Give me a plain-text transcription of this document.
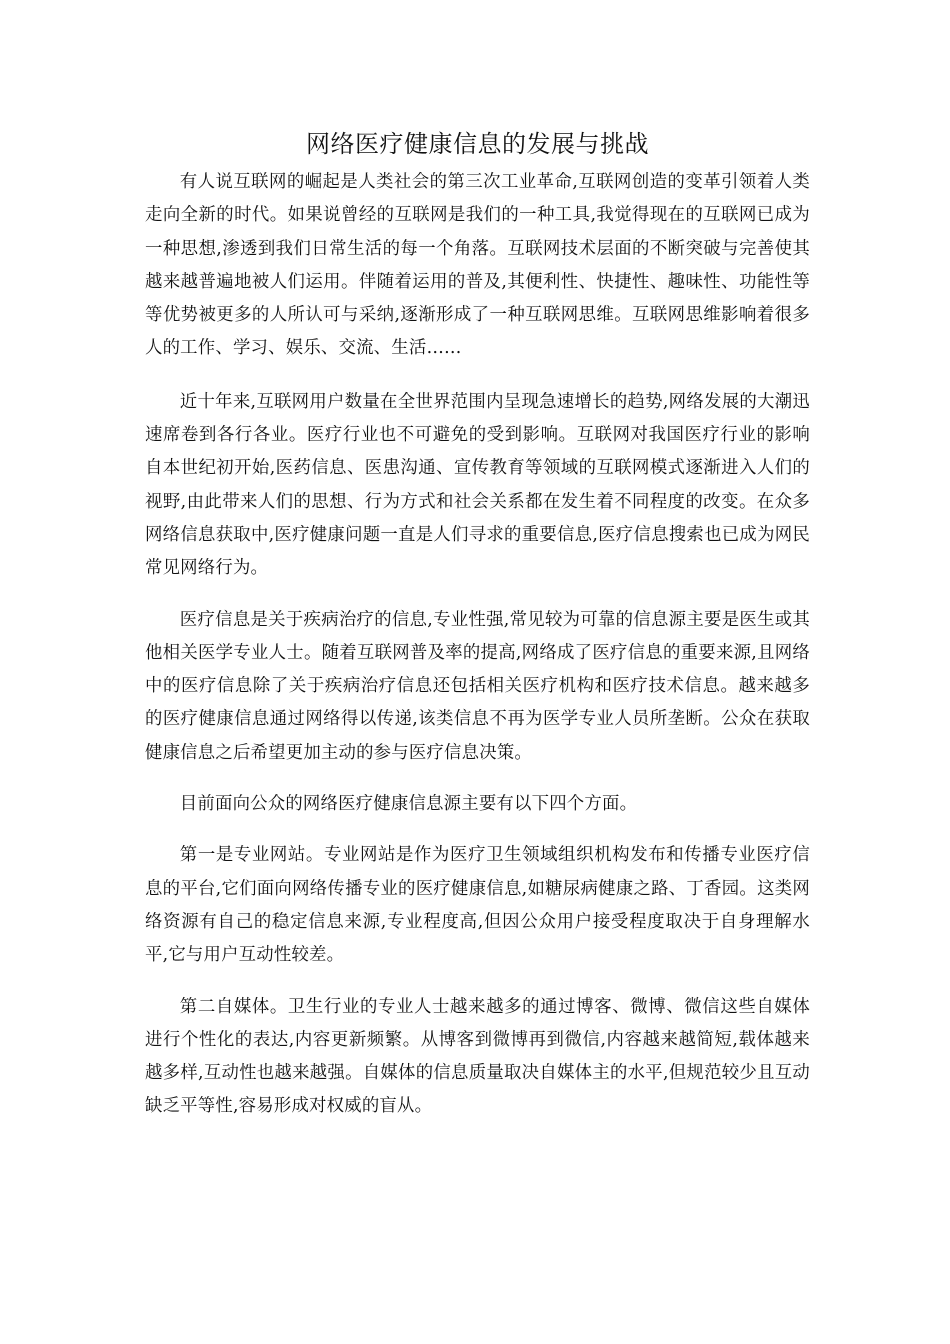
网络医疗健康信息的发展与挑战

有人说互联网的崛起是人类社会的第三次工业革命,互联网创造的变革引领着人类走向全新的时代。如果说曾经的互联网是我们的一种工具,我觉得现在的互联网已成为一种思想,渗透到我们日常生活的每一个角落。互联网技术层面的不断突破与完善使其越来越普遍地被人们运用。伴随着运用的普及,其便利性、快捷性、趣味性、功能性等等优势被更多的人所认可与采纳,逐渐形成了一种互联网思维。互联网思维影响着很多人的工作、学习、娱乐、交流、生活……

近十年来,互联网用户数量在全世界范围内呈现急速增长的趋势,网络发展的大潮迅速席卷到各行各业。医疗行业也不可避免的受到影响。互联网对我国医疗行业的影响自本世纪初开始,医药信息、医患沟通、宣传教育等领域的互联网模式逐渐进入人们的视野,由此带来人们的思想、行为方式和社会关系都在发生着不同程度的改变。在众多网络信息获取中,医疗健康问题一直是人们寻求的重要信息,医疗信息搜索也已成为网民常见网络行为。

医疗信息是关于疾病治疗的信息,专业性强,常见较为可靠的信息源主要是医生或其他相关医学专业人士。随着互联网普及率的提高,网络成了医疗信息的重要来源,且网络中的医疗信息除了关于疾病治疗信息还包括相关医疗机构和医疗技术信息。越来越多的医疗健康信息通过网络得以传递,该类信息不再为医学专业人员所垄断。公众在获取健康信息之后希望更加主动的参与医疗信息决策。

目前面向公众的网络医疗健康信息源主要有以下四个方面。

第一是专业网站。专业网站是作为医疗卫生领域组织机构发布和传播专业医疗信息的平台,它们面向网络传播专业的医疗健康信息,如糖尿病健康之路、丁香园。这类网络资源有自己的稳定信息来源,专业程度高,但因公众用户接受程度取决于自身理解水平,它与用户互动性较差。

第二自媒体。卫生行业的专业人士越来越多的通过博客、微博、微信这些自媒体进行个性化的表达,内容更新频繁。从博客到微博再到微信,内容越来越简短,载体越来越多样,互动性也越来越强。自媒体的信息质量取决自媒体主的水平,但规范较少且互动缺乏平等性,容易形成对权威的盲从。
